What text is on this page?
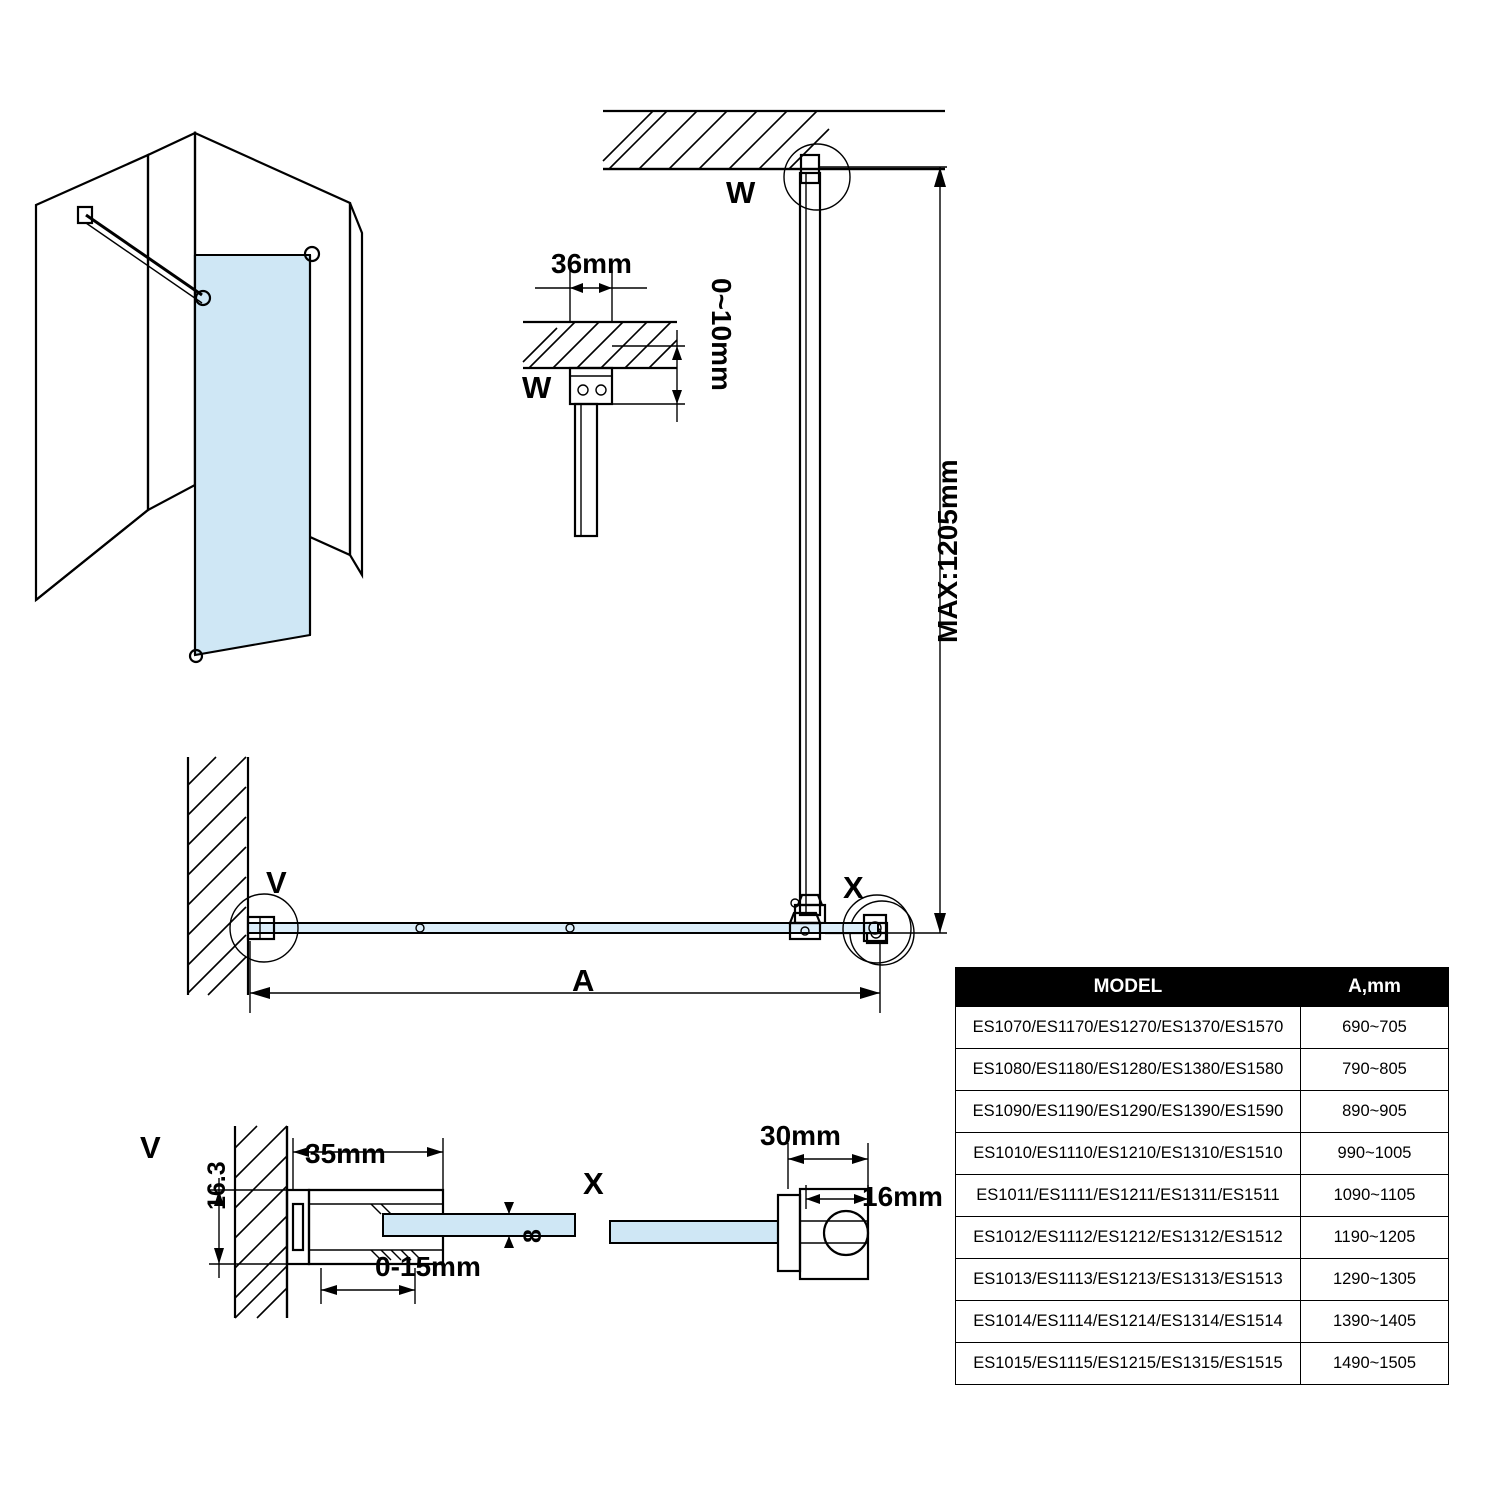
36mm
0~10mm
W
W
X
MAX:1205mm
V
A
V
16.3
35mm
0-15mm
8
X
30mm
16mm
MODEL	A,mm
ES1070/ES1170/ES1270/ES1370/ES1570	690~705
ES1080/ES1180/ES1280/ES1380/ES1580	790~805
ES1090/ES1190/ES1290/ES1390/ES1590	890~905
ES1010/ES1110/ES1210/ES1310/ES1510	990~1005
ES1011/ES1111/ES1211/ES1311/ES1511	1090~1105
ES1012/ES1112/ES1212/ES1312/ES1512	1190~1205
ES1013/ES1113/ES1213/ES1313/ES1513	1290~1305
ES1014/ES1114/ES1214/ES1314/ES1514	1390~1405
ES1015/ES1115/ES1215/ES1315/ES1515	1490~1505
